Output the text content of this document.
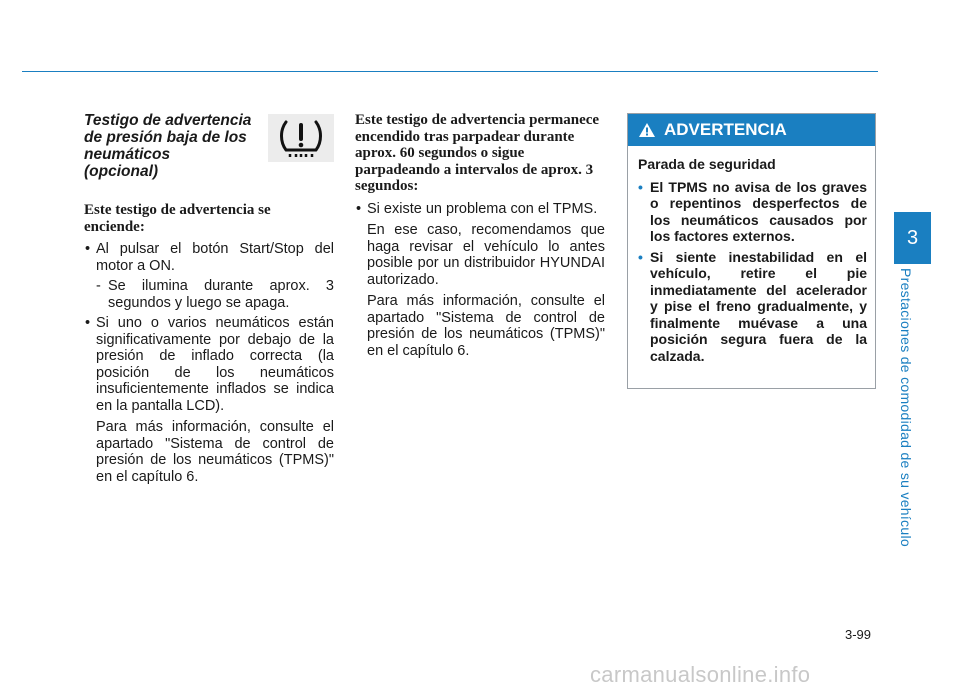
3
Prestaciones de comodidad de su vehículo

Testigo de advertencia
de presión baja de los
neumáticos
(opcional)

Este testigo de advertencia se enciende:

• Al pulsar el botón Start/Stop del motor a ON.
- Se ilumina durante aprox. 3 segundos y luego se apaga.
• Si uno o varios neumáticos están significativamente por debajo de la presión de inflado correcta (la posición de los neumáticos insuficientemente inflados se indica en la pantalla LCD).

Para más información, consulte el apartado "Sistema de control de presión de los neumáticos (TPMS)" en el capítulo 6.

Este testigo de advertencia permanece encendido tras parpadear durante aprox. 60 segundos o sigue parpadeando a intervalos de aprox. 3 segundos:

• Si existe un problema con el TPMS.

En ese caso, recomendamos que haga revisar el vehículo lo antes posible por un distribuidor HYUNDAI autorizado.

Para más información, consulte el apartado "Sistema de control de presión de los neumáticos (TPMS)" en el capítulo 6.

ADVERTENCIA

Parada de seguridad

• El TPMS no avisa de los graves o repentinos desperfectos de los neumáticos causados por los factores externos.
• Si siente inestabilidad en el vehículo, retire el pie inmediatamente del acelerador y pise el freno gradualmente, y finalmente muévase a una posición segura fuera de la calzada.
3-99
carmanualsonline.info
